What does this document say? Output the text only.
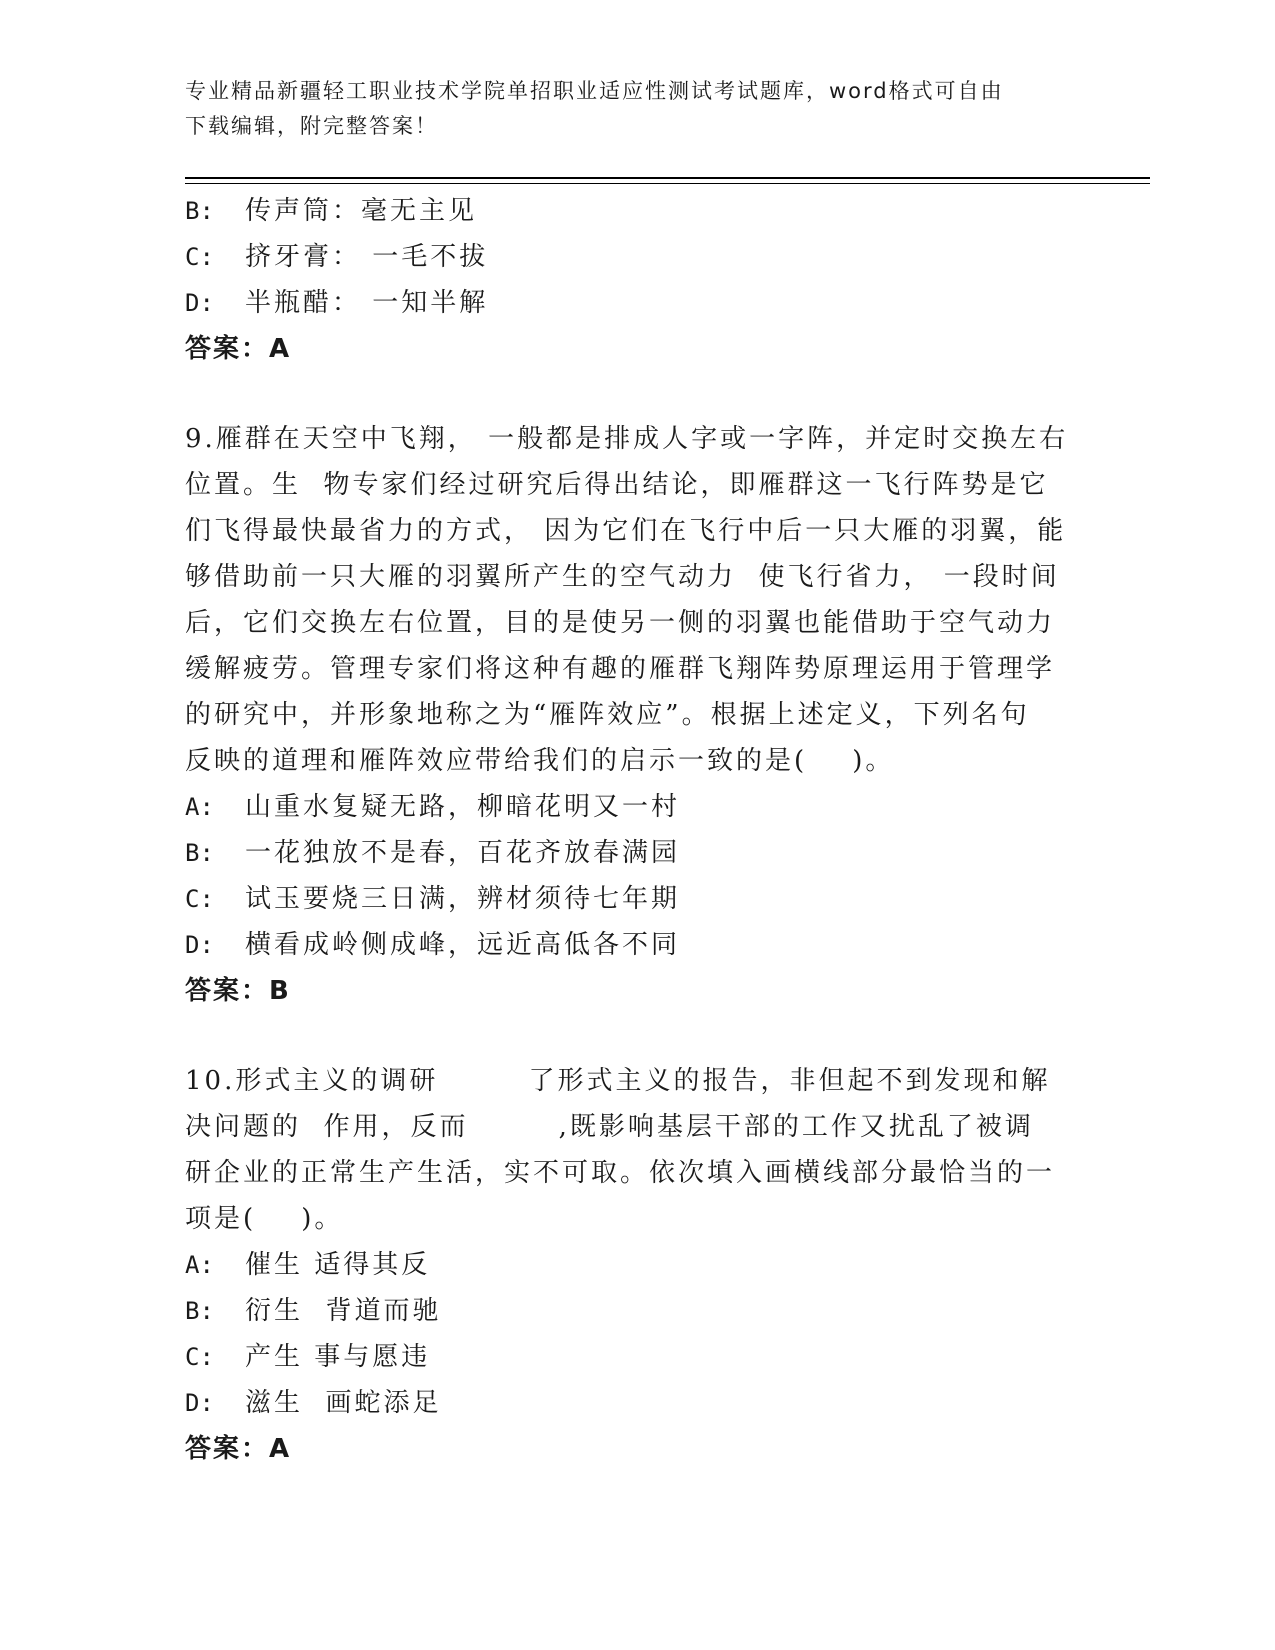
专业精品新疆轻工职业技术学院单招职业适应性测试考试题库，word格式可自由
下载编辑，附完整答案！
B: 传声筒：毫无主见
C: 挤牙膏： 一毛不拔
D: 半瓶醋： 一知半解
答案：A
9.雁群在天空中飞翔， 一般都是排成人字或一字阵，并定时交换左右
位置。生  物专家们经过研究后得出结论，即雁群这一飞行阵势是它
们飞得最快最省力的方式， 因为它们在飞行中后一只大雁的羽翼，能
够借助前一只大雁的羽翼所产生的空气动力  使飞行省力， 一段时间
后，它们交换左右位置，目的是使另一侧的羽翼也能借助于空气动力
缓解疲劳。管理专家们将这种有趣的雁群飞翔阵势原理运用于管理学
的研究中，并形象地称之为“雁阵效应”。根据上述定义，下列名句
反映的道理和雁阵效应带给我们的启示一致的是(    )。
A: 山重水复疑无路，柳暗花明又一村
B: 一花独放不是春，百花齐放春满园
C: 试玉要烧三日满，辨材须待七年期
D: 横看成岭侧成峰，远近高低各不同
答案：B
10.形式主义的调研        了形式主义的报告，非但起不到发现和解
决问题的  作用，反而        ,既影响基层干部的工作又扰乱了被调
研企业的正常生产生活，实不可取。依次填入画横线部分最恰当的一
项是(    )。
A: 催生 适得其反
B: 衍生  背道而驰
C: 产生 事与愿违
D: 滋生  画蛇添足
答案：A
